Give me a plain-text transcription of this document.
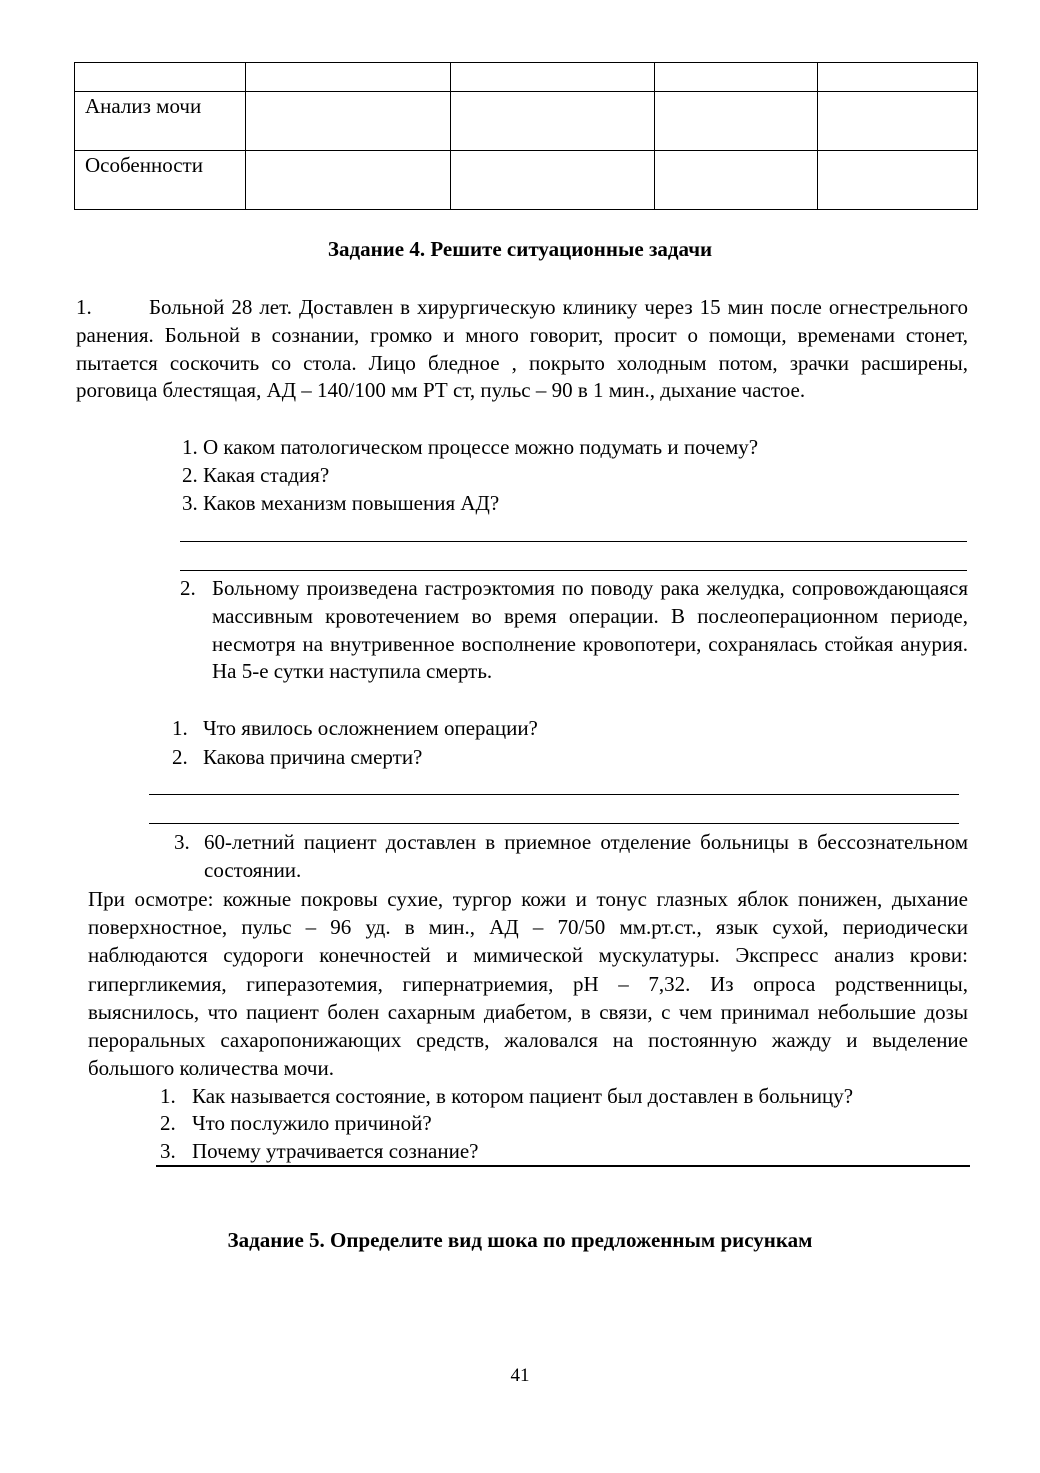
Анализ мочи				
Особенности				
Задание 4. Решите ситуационные задачи
1.	Больной 28 лет. Доставлен в хирургическую клинику через 15 мин после огнестрельного ранения. Больной в сознании, громко и много говорит, просит о помощи, временами стонет, пытается соскочить со стола. Лицо бледное , покрыто холодным потом, зрачки расширены, роговица блестящая, АД – 140/100 мм РТ ст, пульс – 90 в 1 мин., дыхание частое.

1. О каком патологическом процессе можно подумать и почему?
2. Какая стадия?
3. Каков механизм повышения АД?
2. Больному произведена гастроэктомия по поводу рака желудка, сопровождающаяся массивным кровотечением во время операции. В послеоперационном периоде, несмотря на внутривенное восполнение кровопотери, сохранялась стойкая анурия. На 5-е сутки наступила смерть.

1. Что явилось осложнением операции?
2. Какова причина смерти?
3. 60-летний пациент доставлен в приемное отделение больницы в бессознательном состоянии.

При осмотре: кожные покровы сухие, тургор кожи и тонус глазных яблок понижен, дыхание поверхностное, пульс – 96 уд. в мин., АД – 70/50 мм.рт.ст., язык сухой, периодически наблюдаются судороги конечностей и мимической мускулатуры. Экспресс анализ крови: гипергликемия, гиперазотемия, гипернатриемия, pH – 7,32. Из опроса родственницы, выяснилось, что пациент болен сахарным диабетом, в связи, с чем принимал небольшие дозы пероральных сахаропонижающих средств, жаловался на постоянную жажду и выделение большого количества мочи.

1. Как называется состояние, в котором пациент был доставлен в больницу?
2. Что послужило причиной?
3. Почему утрачивается сознание?
Задание 5. Определите вид шока по предложенным рисункам
41
